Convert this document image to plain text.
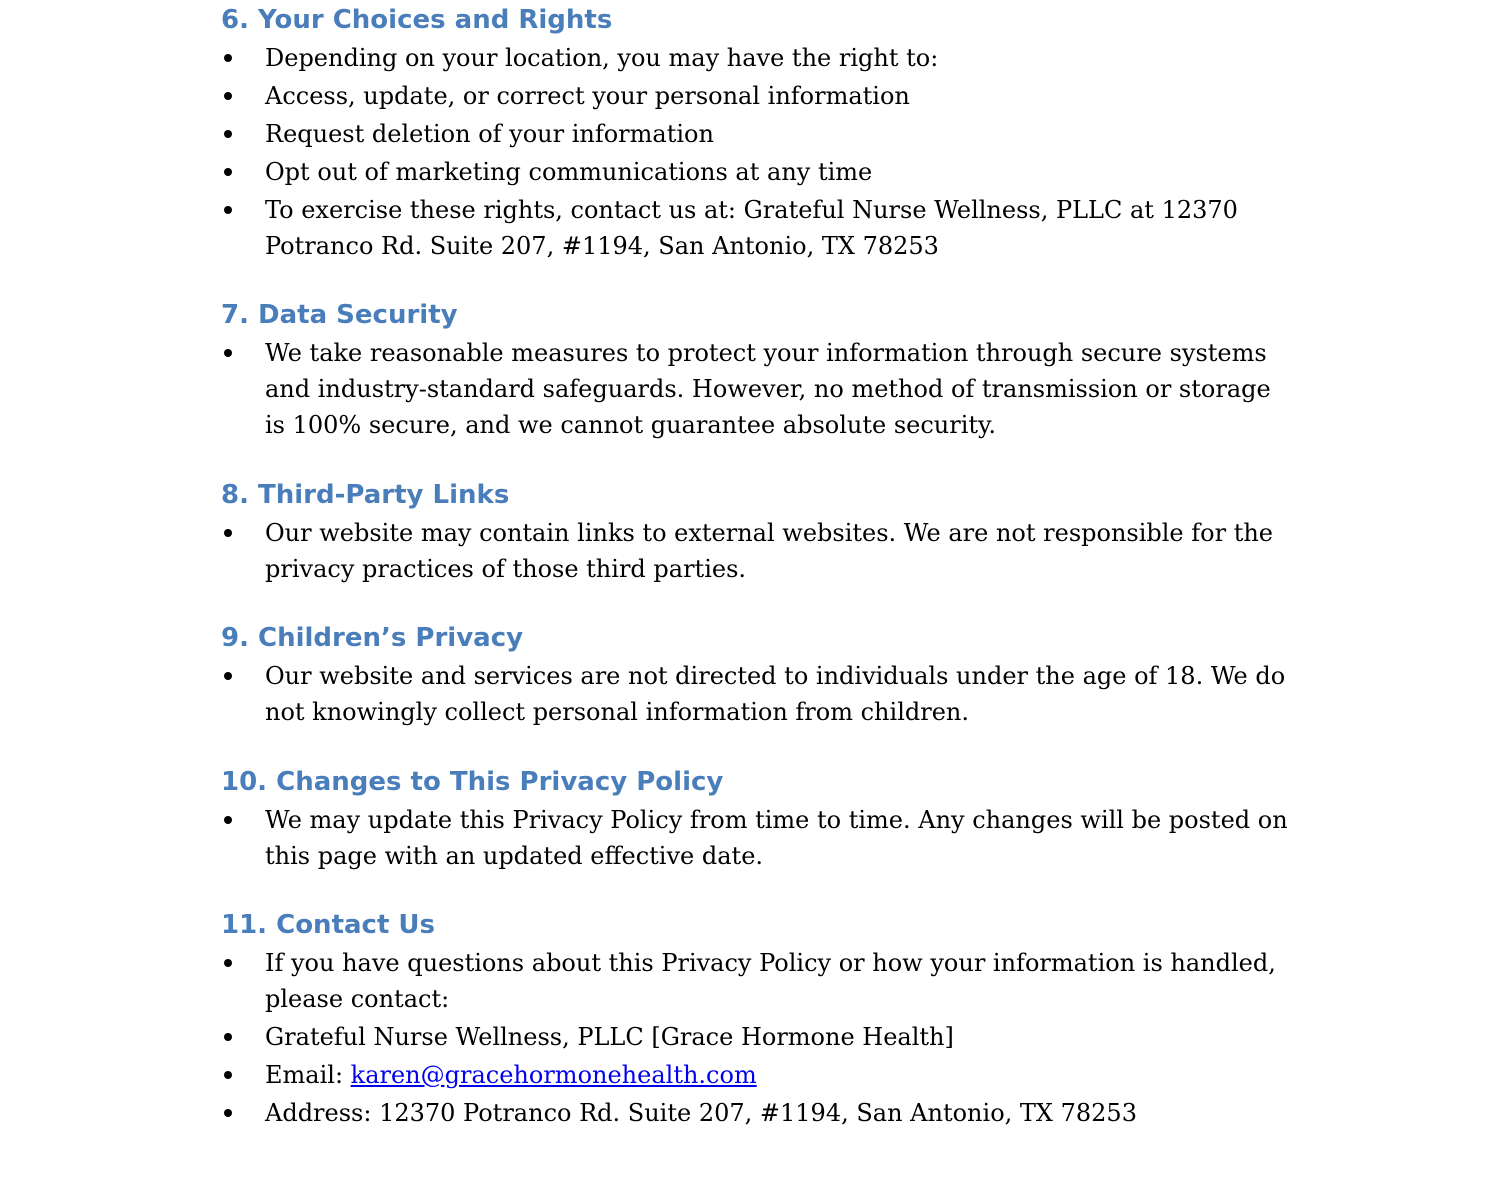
6. Your Choices and Rights
Depending on your location, you may have the right to:
Access, update, or correct your personal information
Request deletion of your information
Opt out of marketing communications at any time
To exercise these rights, contact us at: Grateful Nurse Wellness, PLLC at 12370 Potranco Rd. Suite 207, #1194, San Antonio, TX 78253
7. Data Security
We take reasonable measures to protect your information through secure systems and industry-standard safeguards. However, no method of transmission or storage is 100% secure, and we cannot guarantee absolute security.
8. Third-Party Links
Our website may contain links to external websites. We are not responsible for the privacy practices of those third parties.
9. Children’s Privacy
Our website and services are not directed to individuals under the age of 18. We do not knowingly collect personal information from children.
10. Changes to This Privacy Policy
We may update this Privacy Policy from time to time. Any changes will be posted on this page with an updated effective date.
11. Contact Us
If you have questions about this Privacy Policy or how your information is handled, please contact:
Grateful Nurse Wellness, PLLC [Grace Hormone Health]
Email: karen@gracehormonehealth.com
Address: 12370 Potranco Rd. Suite 207, #1194, San Antonio, TX 78253
